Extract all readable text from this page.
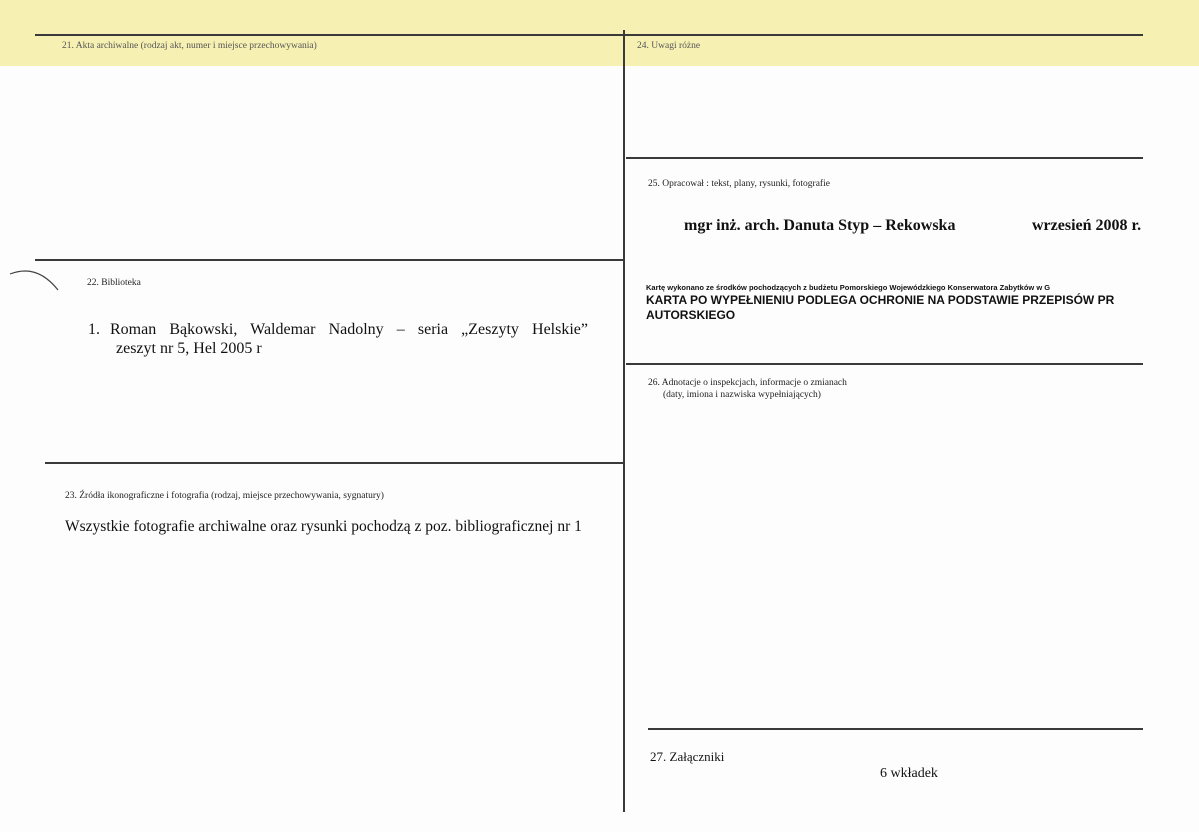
21. Akta archiwalne (rodzaj akt, numer i miejsce przechowywania)	24. Uwagi różne
22. Biblioteka
1. Roman Bąkowski, Waldemar Nadolny – seria „Zeszyty Helskie”
zeszyt nr 5, Hel 2005 r
23. Źródła ikonograficzne i fotografia (rodzaj, miejsce przechowywania, sygnatury)
Wszystkie fotografie archiwalne oraz rysunki pochodzą z poz. bibliograficznej nr 1
25. Opracował : tekst, plany, rysunki, fotografie
mgr inż. arch. Danuta Styp – Rekowska	wrzesień 2008 r.
Kartę wykonano ze środków pochodzących z budżetu Pomorskiego Wojewódzkiego Konserwatora Zabytków w G
KARTA PO WYPEŁNIENIU PODLEGA OCHRONIE NA PODSTAWIE PRZEPISÓW PR
AUTORSKIEGO
26. Adnotacje o inspekcjach, informacje o zmianach
(daty, imiona i nazwiska wypełniających)
27. Załączniki
6 wkładek
